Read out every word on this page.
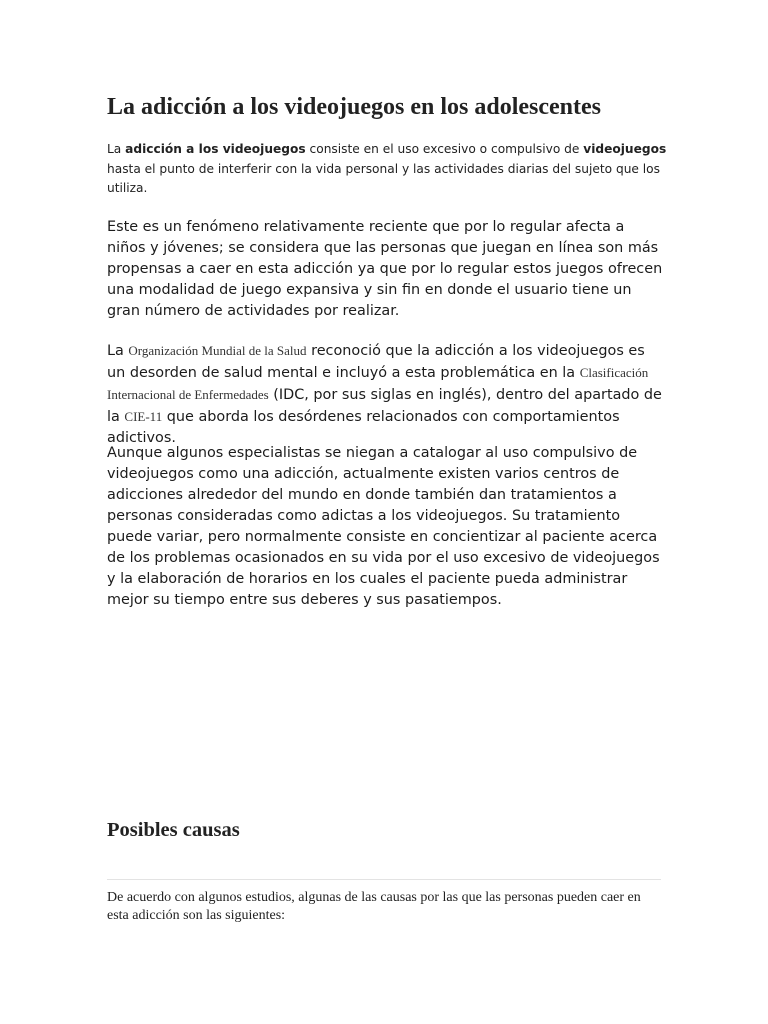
La adicción a los videojuegos en los adolescentes

La adicción a los videojuegos consiste en el uso excesivo o compulsivo de videojuegos hasta el punto de interferir con la vida personal y las actividades diarias del sujeto que los utiliza.

Este es un fenómeno relativamente reciente que por lo regular afecta a niños y jóvenes; se considera que las personas que juegan en línea son más propensas a caer en esta adicción ya que por lo regular estos juegos ofrecen una modalidad de juego expansiva y sin fin en donde el usuario tiene un gran número de actividades por realizar.

La Organización Mundial de la Salud reconoció que la adicción a los videojuegos es un desorden de salud mental e incluyó a esta problemática en la Clasificación Internacional de Enfermedades (IDC, por sus siglas en inglés), dentro del apartado de la CIE-11 que aborda los desórdenes relacionados con comportamientos adictivos.

Aunque algunos especialistas se niegan a catalogar al uso compulsivo de videojuegos como una adicción, actualmente existen varios centros de adicciones alrededor del mundo en donde también dan tratamientos a personas consideradas como adictas a los videojuegos. Su tratamiento puede variar, pero normalmente consiste en concientizar al paciente acerca de los problemas ocasionados en su vida por el uso excesivo de videojuegos y la elaboración de horarios en los cuales el paciente pueda administrar mejor su tiempo entre sus deberes y sus pasatiempos.

Posibles causas

De acuerdo con algunos estudios, algunas de las causas por las que las personas pueden caer en esta adicción son las siguientes:
